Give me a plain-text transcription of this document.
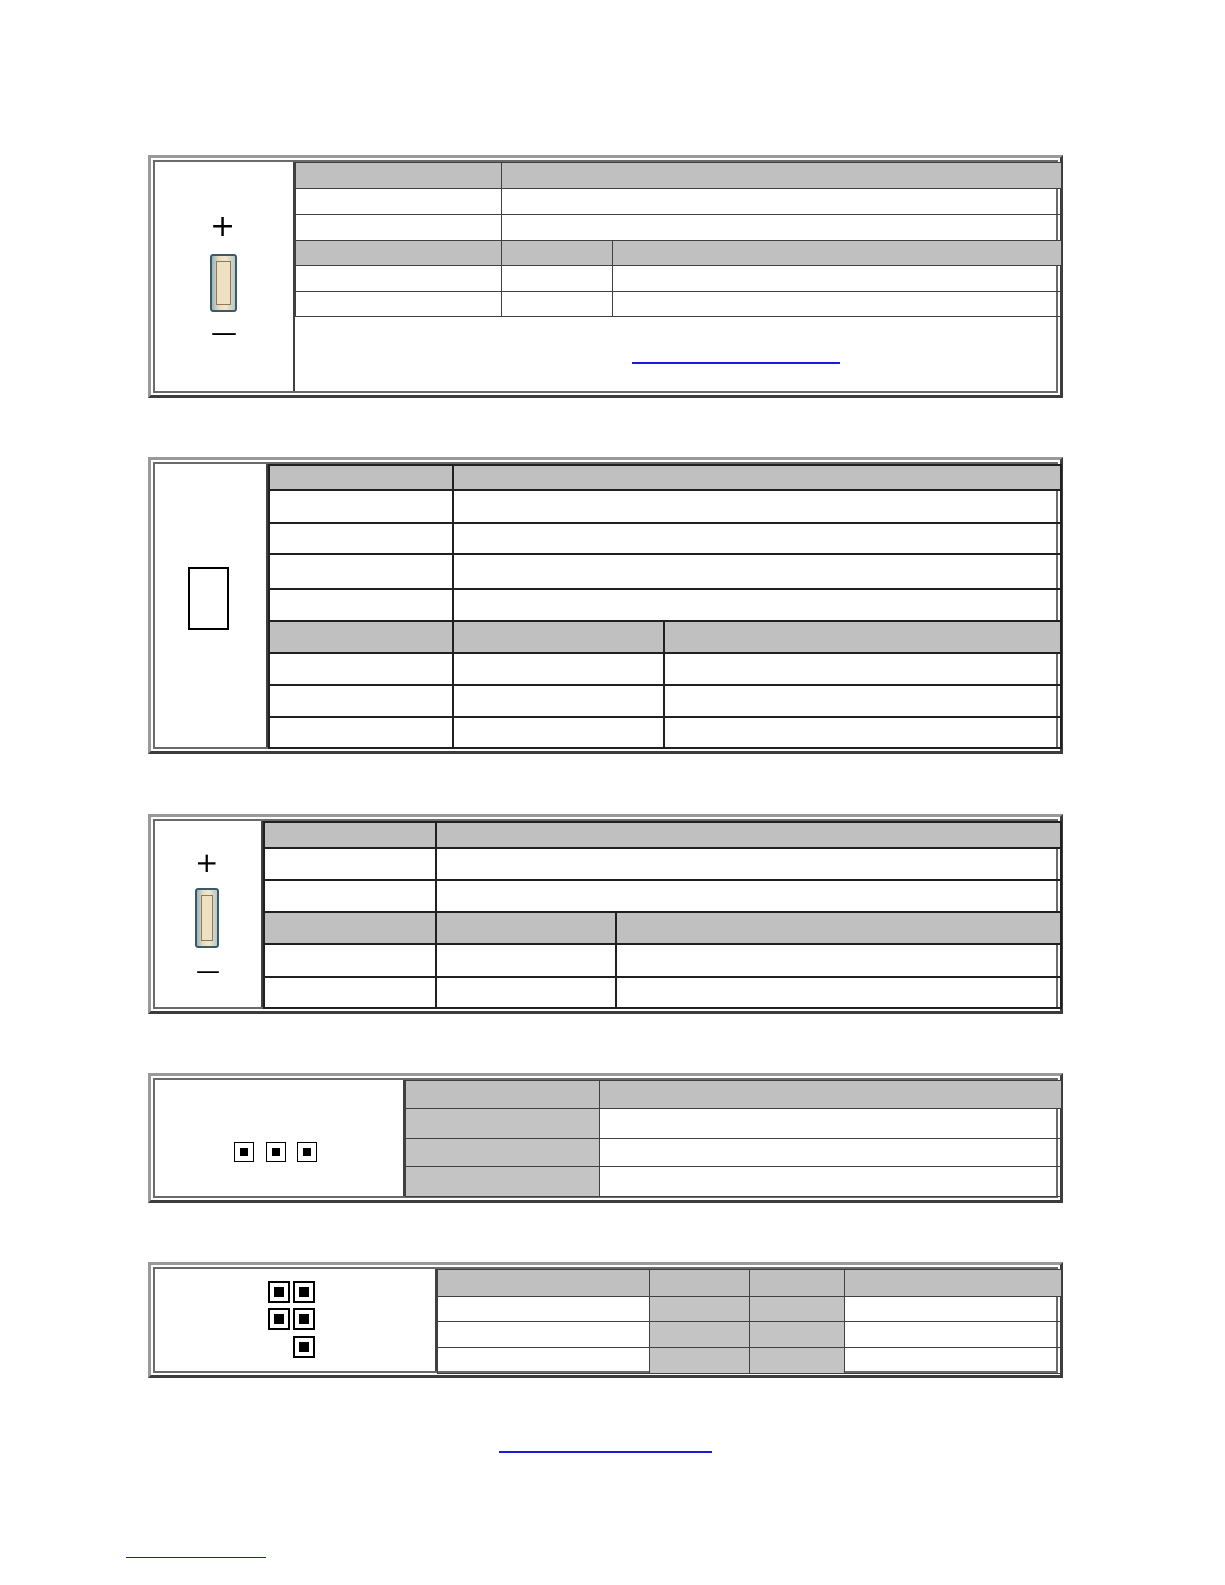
+
—

+
—
